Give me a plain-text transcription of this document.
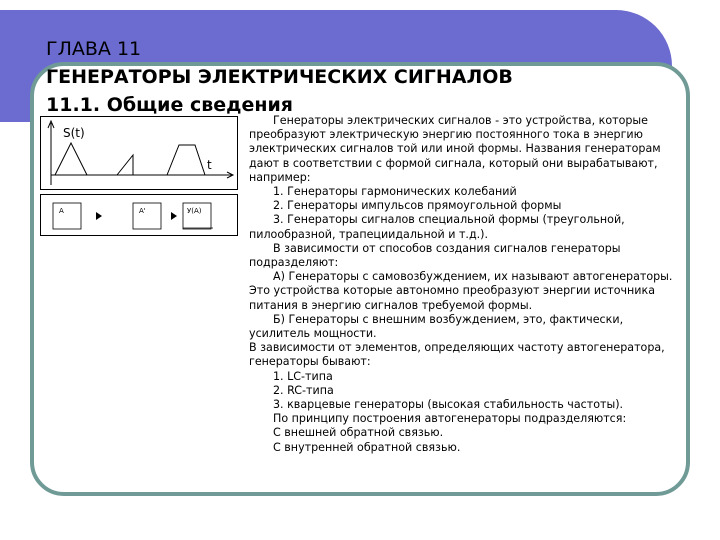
ГЛАВА 11
ГЕНЕРАТОРЫ ЭЛЕКТРИЧЕСКИХ СИГНАЛОВ
11.1. Общие сведения
S(t)
t
А	А'	У(А)

Генераторы электрических сигналов - это устройства, которые преобразуют электрическую энергию постоянного тока в энергию электрических сигналов той или иной формы. Названия генераторам дают в соответствии с формой сигнала, который они вырабатывают, например:

1. Генераторы гармонических колебаний

2. Генераторы импульсов прямоугольной формы

3. Генераторы сигналов специальной формы (треугольной, пилообразной, трапециидальной и т.д.).

В зависимости от способов создания сигналов генераторы подразделяют:

А) Генераторы с самовозбуждением, их называют автогенераторы. Это устройства которые автономно преобразуют энергии источника питания в энергию сигналов требуемой формы.

Б) Генераторы с внешним возбуждением, это, фактически, усилитель мощности.

В зависимости от элементов, определяющих частоту автогенератора, генераторы бывают:

1. LC-типа

2. RC-типа

3. кварцевые генераторы (высокая стабильность частоты).

По принципу построения автогенераторы подразделяются:

С внешней обратной связью.

С внутренней обратной связью.
